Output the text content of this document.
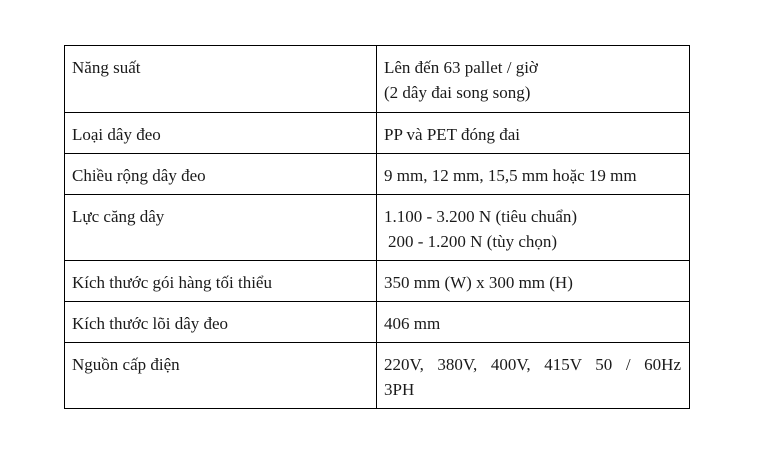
Năng suất	Lên đến 63 pallet / giờ
(2 dây đai song song)

Loại dây đeo	PP và PET đóng đai

Chiều rộng dây đeo	9 mm, 12 mm, 15,5 mm hoặc 19 mm

Lực căng dây	1.100 - 3.200 N (tiêu chuẩn)
200 - 1.200 N (tùy chọn)

Kích thước gói hàng tối thiểu	350 mm (W) x 300 mm (H)

Kích thước lõi dây đeo	406 mm

Nguồn cấp điện	220V, 380V, 400V, 415V 50 / 60Hz
3PH
